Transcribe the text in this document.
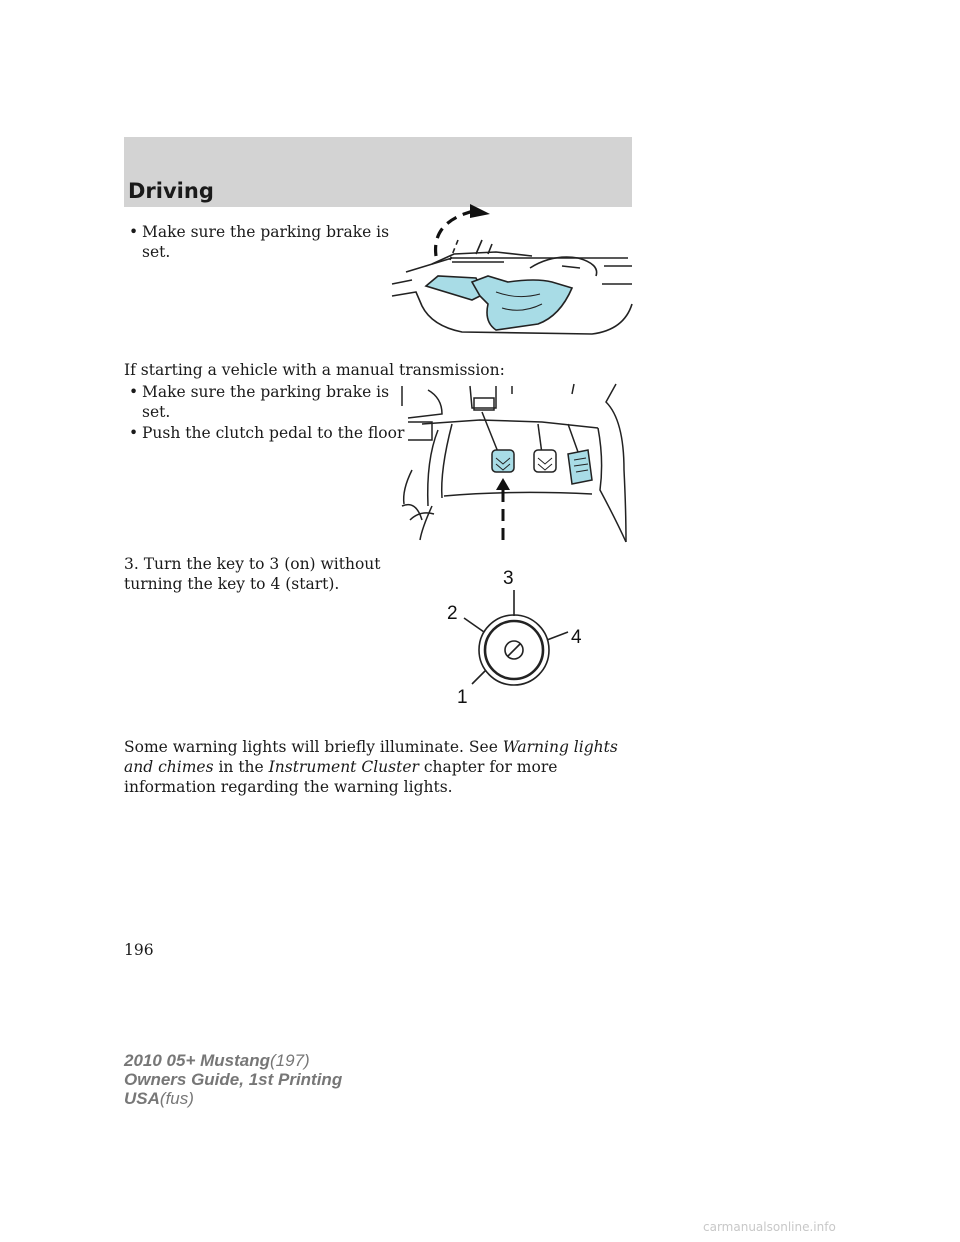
Driving
• Make sure the parking brake is set.
If starting a vehicle with a manual transmission:
• Make sure the parking brake is set.
• Push the clutch pedal to the floor
3. Turn the key to 3 (on) without
turning the key to 4 (start).	3
4
2
1
Some warning lights will briefly illuminate. See Warning lights and chimes in the Instrument Cluster chapter for more information regarding the warning lights.
196
2010 05+ Mustang(197)
Owners Guide, 1st Printing
USA(fus)
carmanualsonline.info
